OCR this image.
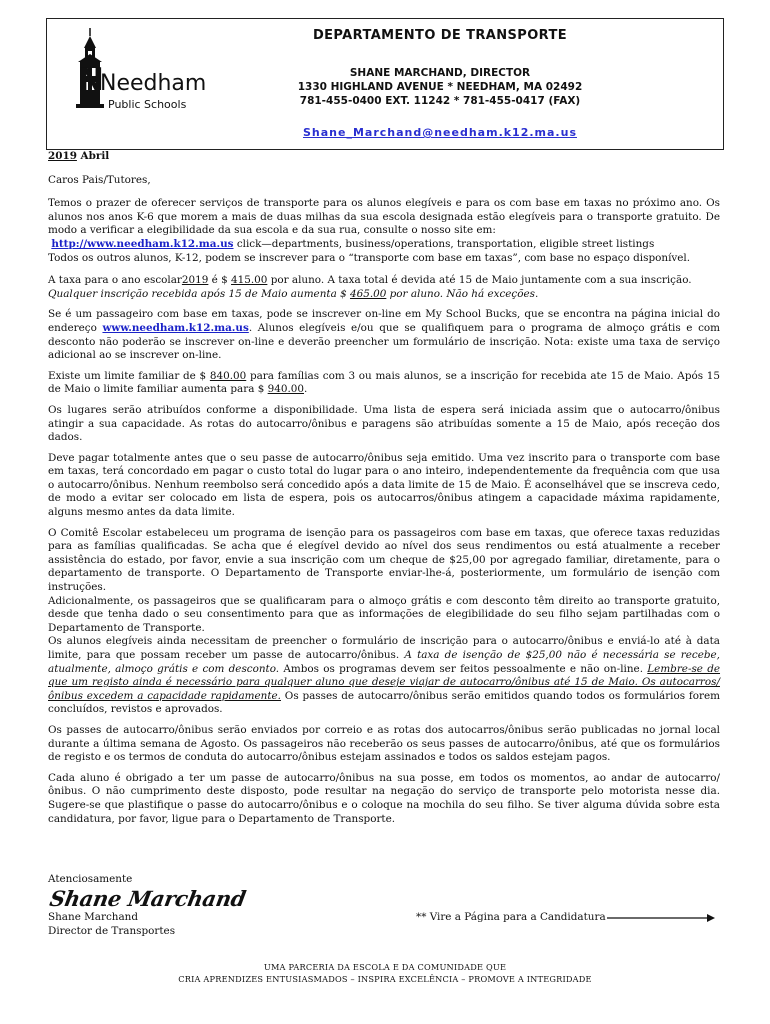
N
Needham
Public Schools
DEPARTAMENTO DE TRANSPORTE
SHANE MARCHAND, DIRECTOR
1330 HIGHLAND AVENUE * NEEDHAM, MA 02492
781-455-0400 EXT. 11242 * 781-455-0417 (FAX)
Shane_Marchand@needham.k12.ma.us

2019 Abril

Caros Pais/Tutores,

Temos o prazer de oferecer serviços de transporte para os alunos elegíveis e para os com base em taxas no próximo ano. Os alunos nos anos K-6 que morem a mais de duas milhas da sua escola designada estão elegíveis para o transporte gratuito. De modo a verificar a elegibilidade da sua escola e da sua rua, consulte o nosso site em:
http://www.needham.k12.ma.us click—departments, business/operations, transportation, eligible street listings
Todos os outros alunos, K-12, podem se inscrever para o “transporte com base em taxas”, com base no espaço disponível.

A taxa para o ano escolar2019 é $ 415.00 por aluno. A taxa total é devida até 15 de Maio juntamente com a sua inscrição.
Qualquer inscrição recebida após 15 de Maio aumenta $ 465.00 por aluno. Não há exceções.

Se é um passageiro com base em taxas, pode se inscrever on-line em My School Bucks, que se encontra na página inicial do endereço www.needham.k12.ma.us. Alunos elegíveis e/ou que se qualifiquem para o programa de almoço grátis e com desconto não poderão se inscrever on-line e deverão preencher um formulário de inscrição. Nota: existe uma taxa de serviço adicional ao se inscrever on-line.

Existe um limite familiar de $ 840.00 para famílias com 3 ou mais alunos, se a inscrição for recebida ate 15 de Maio. Após 15 de Maio o limite familiar aumenta para $ 940.00.

Os lugares serão atribuídos conforme a disponibilidade. Uma lista de espera será iniciada assim que o autocarro/ônibus atingir a sua capacidade. As rotas do autocarro/ônibus e paragens são atribuídas somente a 15 de Maio, após receção dos dados.

Deve pagar totalmente antes que o seu passe de autocarro/ônibus seja emitido. Uma vez inscrito para o transporte com base em taxas, terá concordado em pagar o custo total do lugar para o ano inteiro, independentemente da frequência com que usa o autocarro/ônibus. Nenhum reembolso será concedido após a data limite de 15 de Maio. É aconselhável que se inscreva cedo, de modo a evitar ser colocado em lista de espera, pois os autocarros/ônibus atingem a capacidade máxima rapidamente, alguns mesmo antes da data limite.

O Comitê Escolar estabeleceu um programa de isenção para os passageiros com base em taxas, que oferece taxas reduzidas para as famílias qualificadas. Se acha que é elegível devido ao nível dos seus rendimentos ou está atualmente a receber assistência do estado, por favor, envie a sua inscrição com um cheque de $25,00 por agregado familiar, diretamente, para o departamento de transporte. O Departamento de Transporte enviar-lhe-á, posteriormente, um formulário de isenção com instruções.
Adicionalmente, os passageiros que se qualificaram para o almoço grátis e com desconto têm direito ao transporte gratuito, desde que tenha dado o seu consentimento para que as informações de elegibilidade do seu filho sejam partilhadas com o Departamento de Transporte.
Os alunos elegíveis ainda necessitam de preencher o formulário de inscrição para o autocarro/ônibus e enviá-lo até à data limite, para que possam receber um passe de autocarro/ônibus. A taxa de isenção de $25,00 não é necessária se recebe, atualmente, almoço grátis e com desconto. Ambos os programas devem ser feitos pessoalmente e não on-line. Lembre-se de que um registo ainda é necessário para qualquer aluno que deseje viajar de autocarro/ônibus até 15 de Maio. Os autocarros/ônibus excedem a capacidade rapidamente. Os passes de autocarro/ônibus serão emitidos quando todos os formulários forem concluídos, revistos e aprovados.

Os passes de autocarro/ônibus serão enviados por correio e as rotas dos autocarros/ônibus serão publicadas no jornal local durante a última semana de Agosto. Os passageiros não receberão os seus passes de autocarro/ônibus, até que os formulários de registo e os termos de conduta do autocarro/ônibus estejam assinados e todos os saldos estejam pagos.

Cada aluno é obrigado a ter um passe de autocarro/ônibus na sua posse, em todos os momentos, ao andar de autocarro/ônibus. O não cumprimento deste disposto, pode resultar na negação do serviço de transporte pelo motorista nesse dia. Sugere-se que plastifique o passe do autocarro/ônibus e o coloque na mochila do seu filho. Se tiver alguma dúvida sobre esta candidatura, por favor, ligue para o Departamento de Transporte.

Atenciosamente
Shane Marchand
Shane Marchand	** Vire a Página para a Candidatura
Director de Transportes
UMA PARCERIA DA ESCOLA E DA COMUNIDADE QUE
CRIA APRENDIZES ENTUSIASMADOS – INSPIRA EXCELÊNCIA – PROMOVE A INTEGRIDADE
